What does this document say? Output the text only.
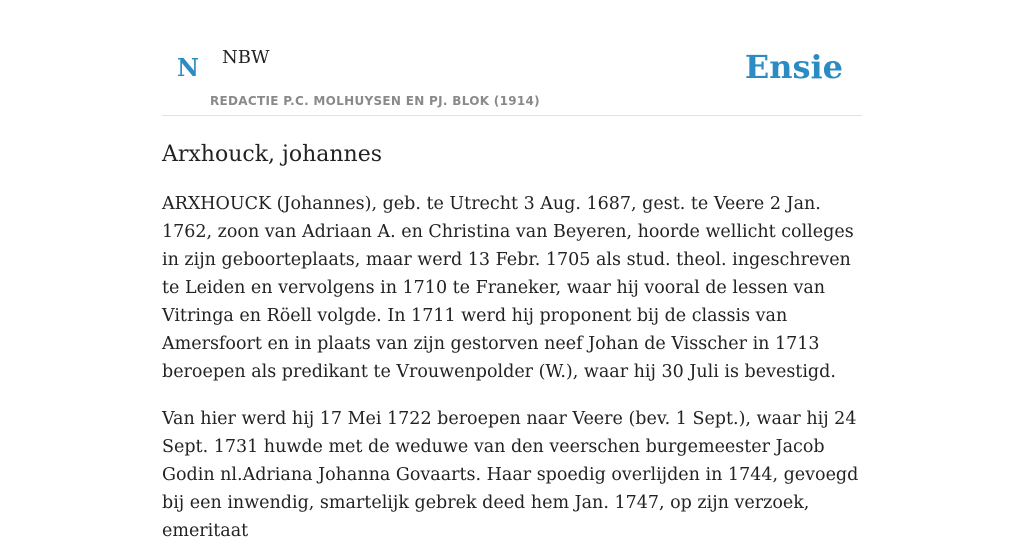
N NBW
REDACTIE P.C. MOLHUYSEN EN PJ. BLOK (1914)
Ensie
Arxhouck, johannes

ARXHOUCK (Johannes), geb. te Utrecht 3 Aug. 1687, gest. te Veere 2 Jan. 1762, zoon van Adriaan A. en Christina van Beyeren, hoorde wellicht colleges in zijn geboorteplaats, maar werd 13 Febr. 1705 als stud. theol. ingeschreven te Leiden en vervolgens in 1710 te Franeker, waar hij vooral de lessen van Vitringa en Röell volgde. In 1711 werd hij proponent bij de classis van Amersfoort en in plaats van zijn gestorven neef Johan de Visscher in 1713 beroepen als predikant te Vrouwenpolder (W.), waar hij 30 Juli is bevestigd.

Van hier werd hij 17 Mei 1722 beroepen naar Veere (bev. 1 Sept.), waar hij 24 Sept. 1731 huwde met de weduwe van den veerschen burgemeester Jacob Godin nl.Adriana Johanna Govaarts. Haar spoedig overlijden in 1744, gevoegd bij een inwendig, smartelijk gebrek deed hem Jan. 1747, op zijn verzoek, emeritaat
